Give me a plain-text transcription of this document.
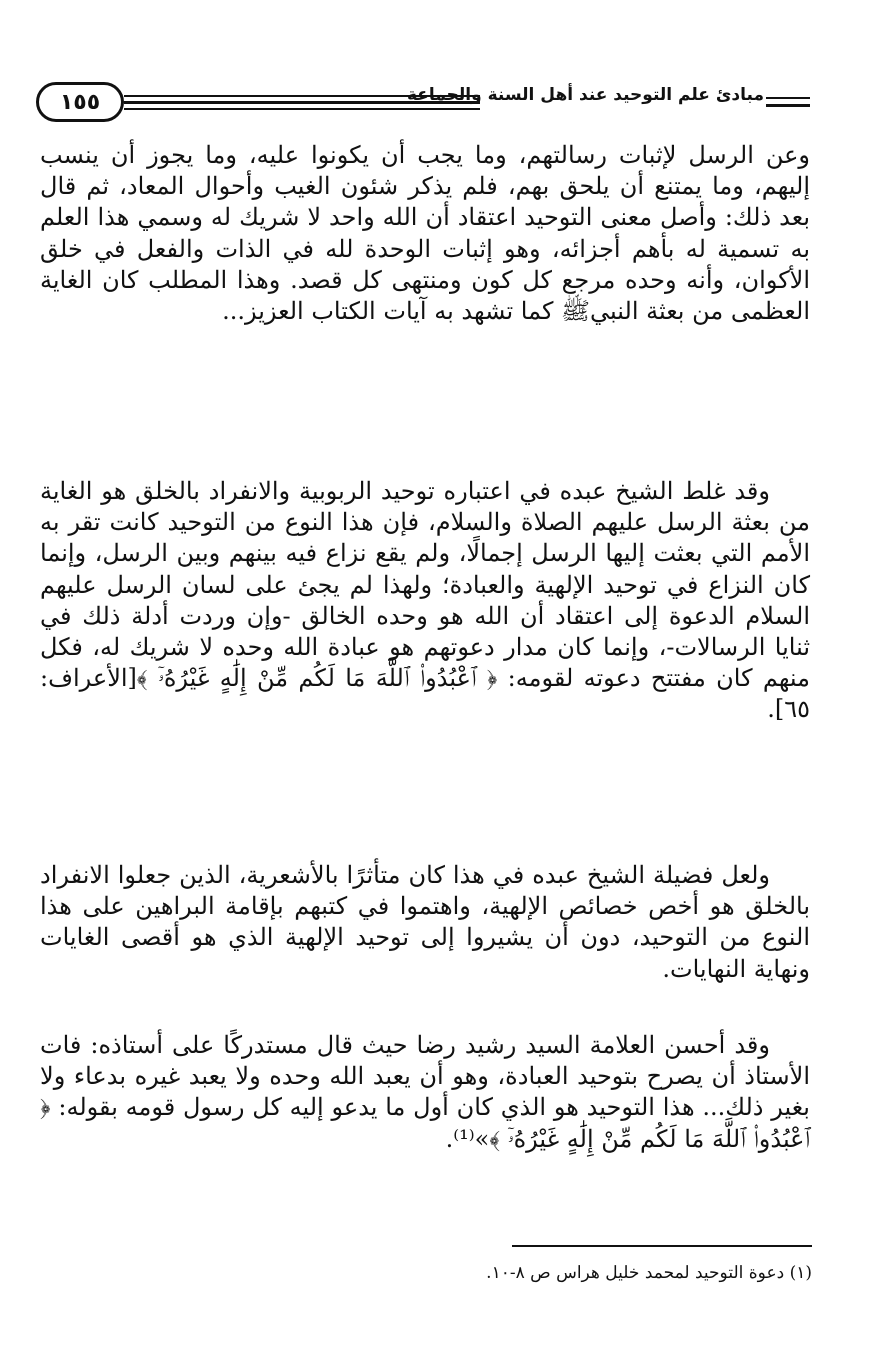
١٥٥	مبادئ علم التوحيد عند أهل السنة والجماعة

وعن الرسل لإثبات رسالتهم، وما يجب أن يكونوا عليه، وما يجوز أن ينسب إليهم، وما يمتنع أن يلحق بهم، فلم يذكر شئون الغيب وأحوال المعاد، ثم قال بعد ذلك: وأصل معنى التوحيد اعتقاد أن الله واحد لا شريك له وسمي هذا العلم به تسمية له بأهم أجزائه، وهو إثبات الوحدة لله في الذات والفعل في خلق الأكوان، وأنه وحده مرجع كل كون ومنتهى كل قصد. وهذا المطلب كان الغاية العظمى من بعثة النبيﷺ كما تشهد به آيات الكتاب العزيز...

وقد غلط الشيخ عبده في اعتباره توحيد الربوبية والانفراد بالخلق هو الغاية من بعثة الرسل عليهم الصلاة والسلام، فإن هذا النوع من التوحيد كانت تقر به الأمم التي بعثت إليها الرسل إجمالًا، ولم يقع نزاع فيه بينهم وبين الرسل، وإنما كان النزاع في توحيد الإلهية والعبادة؛ ولهذا لم يجئ على لسان الرسل عليهم السلام الدعوة إلى اعتقاد أن الله هو وحده الخالق -وإن وردت أدلة ذلك في ثنايا الرسالات-، وإنما كان مدار دعوتهم هو عبادة الله وحده لا شريك له، فكل منهم كان مفتتح دعوته لقومه: ﴿ ٱعْبُدُوا۟ ٱللَّهَ مَا لَكُم مِّنْ إِلَٰهٍ غَيْرُهُۥٓ ﴾[الأعراف: ٦٥].

ولعل فضيلة الشيخ عبده في هذا كان متأثرًا بالأشعرية، الذين جعلوا الانفراد بالخلق هو أخص خصائص الإلهية، واهتموا في كتبهم بإقامة البراهين على هذا النوع من التوحيد، دون أن يشيروا إلى توحيد الإلهية الذي هو أقصى الغايات ونهاية النهايات.

وقد أحسن العلامة السيد رشيد رضا حيث قال مستدركًا على أستاذه: فات الأستاذ أن يصرح بتوحيد العبادة، وهو أن يعبد الله وحده ولا يعبد غيره بدعاء ولا بغير ذلك... هذا التوحيد هو الذي كان أول ما يدعو إليه كل رسول قومه بقوله: ﴿ ٱعْبُدُوا۟ ٱللَّهَ مَا لَكُم مِّنْ إِلَٰهٍ غَيْرُهُۥٓ ﴾»⁽¹⁾.

(١) دعوة التوحيد لمحمد خليل هراس ص ٨-١٠.
